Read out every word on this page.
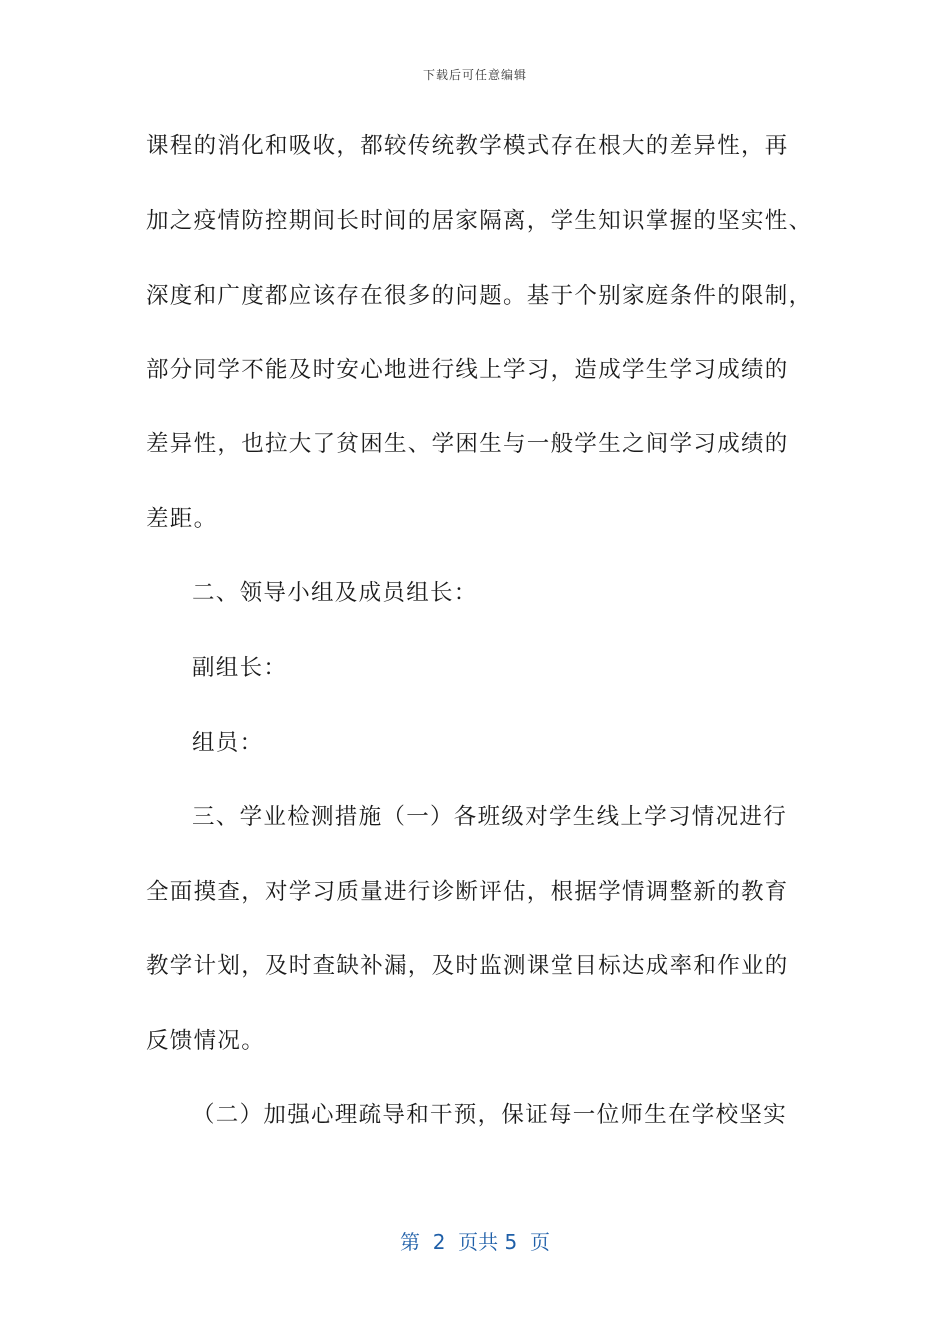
下载后可任意编辑
课程的消化和吸收，都较传统教学模式存在根大的差异性，再
加之疫情防控期间长时间的居家隔离，学生知识掌握的坚实性、
深度和广度都应该存在很多的问题。基于个别家庭条件的限制，
部分同学不能及时安心地进行线上学习，造成学生学习成绩的
差异性，也拉大了贫困生、学困生与一般学生之间学习成绩的
差距。
二、领导小组及成员组长：
副组长：
组员：
三、学业检测措施（一）各班级对学生线上学习情况进行
全面摸查，对学习质量进行诊断评估，根据学情调整新的教育
教学计划，及时查缺补漏，及时监测课堂目标达成率和作业的
反馈情况。
（二）加强心理疏导和干预，保证每一位师生在学校坚实
第  2  页共 5  页
